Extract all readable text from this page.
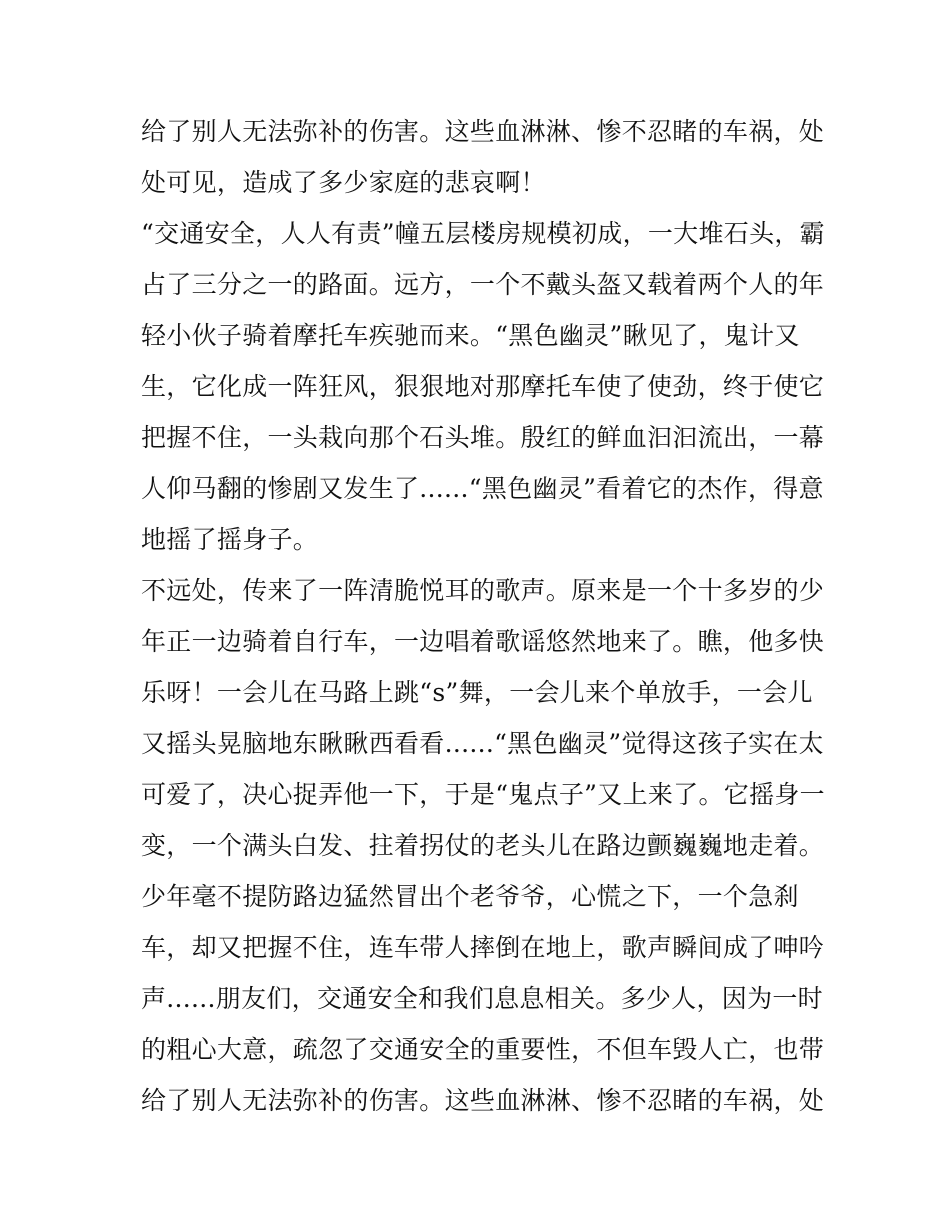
给了别人无法弥补的伤害。这些血淋淋、惨不忍睹的车祸，处
处可见，造成了多少家庭的悲哀啊！
“交通安全，人人有责”幢五层楼房规模初成，一大堆石头，霸
占了三分之一的路面。远方，一个不戴头盔又载着两个人的年
轻小伙子骑着摩托车疾驰而来。“黑色幽灵”瞅见了，鬼计又
生，它化成一阵狂风，狠狠地对那摩托车使了使劲，终于使它
把握不住，一头栽向那个石头堆。殷红的鲜血汩汩流出，一幕
人仰马翻的惨剧又发生了......“黑色幽灵”看着它的杰作，得意
地摇了摇身子。
不远处，传来了一阵清脆悦耳的歌声。原来是一个十多岁的少
年正一边骑着自行车，一边唱着歌谣悠然地来了。瞧，他多快
乐呀！一会儿在马路上跳“s”舞，一会儿来个单放手，一会儿
又摇头晃脑地东瞅瞅西看看......“黑色幽灵”觉得这孩子实在太
可爱了，决心捉弄他一下，于是“鬼点子”又上来了。它摇身一
变，一个满头白发、拄着拐仗的老头儿在路边颤巍巍地走着。
少年毫不提防路边猛然冒出个老爷爷，心慌之下，一个急刹
车，却又把握不住，连车带人摔倒在地上，歌声瞬间成了呻吟
声......朋友们，交通安全和我们息息相关。多少人，因为一时
的粗心大意，疏忽了交通安全的重要性，不但车毁人亡，也带
给了别人无法弥补的伤害。这些血淋淋、惨不忍睹的车祸，处
